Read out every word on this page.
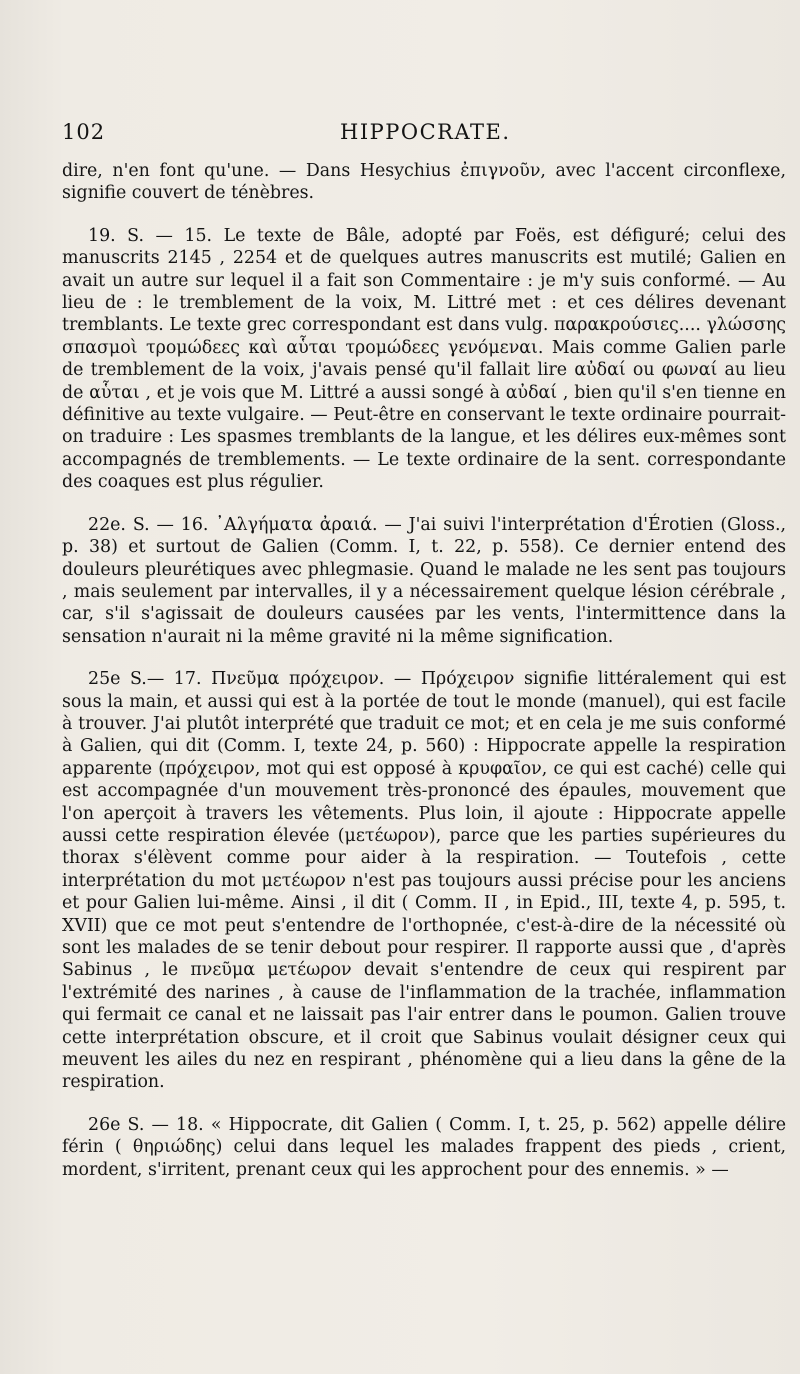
102	HIPPOCRATE.

dire, n'en font qu'une. — Dans Hesychius ἐπιγνοῦν, avec l'accent circonflexe, signifie couvert de ténèbres.

19. S. — 15. Le texte de Bâle, adopté par Foës, est défiguré; celui des manuscrits 2145 , 2254 et de quelques autres manuscrits est mutilé; Galien en avait un autre sur lequel il a fait son Commentaire : je m'y suis conformé. — Au lieu de : le tremblement de la voix, M. Littré met : et ces délires devenant tremblants. Le texte grec correspondant est dans vulg. παρακρούσιες.... γλώσσης σπασμοὶ τρομώδεες καὶ αὗται τρομώδεες γενόμεναι. Mais comme Galien parle de tremblement de la voix, j'avais pensé qu'il fallait lire αὐδαί ou φωναί au lieu de αὗται , et je vois que M. Littré a aussi songé à αὐδαί , bien qu'il s'en tienne en définitive au texte vulgaire. — Peut-être en conservant le texte ordinaire pourrait-on traduire : Les spasmes tremblants de la langue, et les délires eux-mêmes sont accompagnés de tremblements. — Le texte ordinaire de la sent. correspondante des coaques est plus régulier.
22e. S. — 16. ᾿Αλγήματα ἀραιά. — J'ai suivi l'interprétation d'Érotien (Gloss., p. 38) et surtout de Galien (Comm. I, t. 22, p. 558). Ce dernier entend des douleurs pleurétiques avec phlegmasie. Quand le malade ne les sent pas toujours , mais seulement par intervalles, il y a nécessairement quelque lésion cérébrale , car, s'il s'agissait de douleurs causées par les vents, l'intermittence dans la sensation n'aurait ni la même gravité ni la même signification.
25e S.— 17. Πνεῦμα πρόχειρον. — Πρόχειρον signifie littéralement qui est sous la main, et aussi qui est à la portée de tout le monde (manuel), qui est facile à trouver. J'ai plutôt interprété que traduit ce mot; et en cela je me suis conformé à Galien, qui dit (Comm. I, texte 24, p. 560) : Hippocrate appelle la respiration apparente (πρόχειρον, mot qui est opposé à κρυφαῖον, ce qui est caché) celle qui est accompagnée d'un mouvement très-prononcé des épaules, mouvement que l'on aperçoit à travers les vêtements. Plus loin, il ajoute : Hippocrate appelle aussi cette respiration élevée (μετέωρον), parce que les parties supérieures du thorax s'élèvent comme pour aider à la respiration. — Toutefois , cette interprétation du mot μετέωρον n'est pas toujours aussi précise pour les anciens et pour Galien lui-même. Ainsi , il dit ( Comm. II , in Epid., III, texte 4, p. 595, t. XVII) que ce mot peut s'entendre de l'orthopnée, c'est-à-dire de la nécessité où sont les malades de se tenir debout pour respirer. Il rapporte aussi que , d'après Sabinus , le πνεῦμα μετέωρον devait s'entendre de ceux qui respirent par l'extrémité des narines , à cause de l'inflammation de la trachée, inflammation qui fermait ce canal et ne laissait pas l'air entrer dans le poumon. Galien trouve cette interprétation obscure, et il croit que Sabinus voulait désigner ceux qui meuvent les ailes du nez en respirant , phénomène qui a lieu dans la gêne de la respiration.
26e S. — 18. « Hippocrate, dit Galien ( Comm. I, t. 25, p. 562) appelle délire férin ( θηριώδης) celui dans lequel les malades frappent des pieds , crient, mordent, s'irritent, prenant ceux qui les approchent pour des ennemis. » —
